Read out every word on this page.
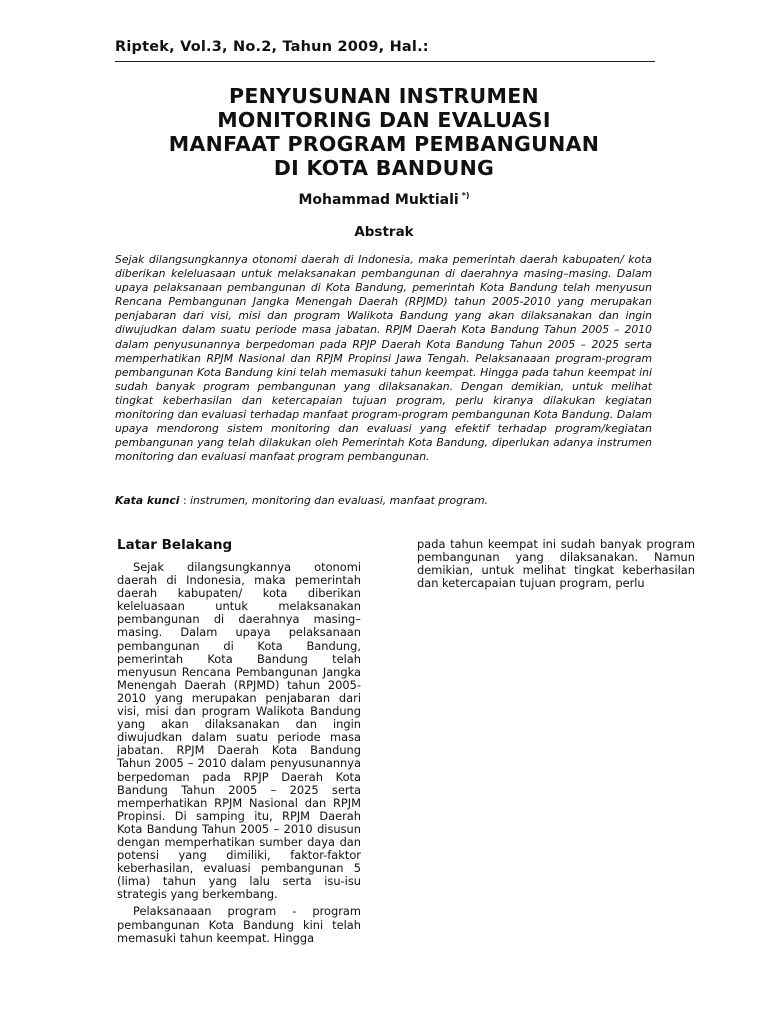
Riptek, Vol.3, No.2, Tahun 2009, Hal.:
PENYUSUNAN INSTRUMEN
MONITORING DAN EVALUASI
MANFAAT PROGRAM PEMBANGUNAN
DI KOTA BANDUNG
Mohammad Muktiali *)
Abstrak
Sejak dilangsungkannya otonomi daerah di Indonesia, maka pemerintah daerah kabupaten/ kota diberikan keleluasaan untuk melaksanakan pembangunan di daerahnya masing–masing. Dalam upaya pelaksanaan pembangunan di Kota Bandung, pemerintah Kota Bandung telah menyusun Rencana Pembangunan Jangka Menengah Daerah (RPJMD) tahun 2005-2010 yang merupakan penjabaran dari visi, misi dan program Walikota Bandung yang akan dilaksanakan dan ingin diwujudkan dalam suatu periode masa jabatan. RPJM Daerah Kota Bandung Tahun 2005 – 2010 dalam penyusunannya berpedoman pada RPJP Daerah Kota Bandung Tahun 2005 – 2025 serta memperhatikan RPJM Nasional dan RPJM Propinsi Jawa Tengah. Pelaksanaaan program-program pembangunan Kota Bandung kini telah memasuki tahun keempat. Hingga pada tahun keempat ini sudah banyak program pembangunan yang dilaksanakan. Dengan demikian, untuk melihat tingkat keberhasilan dan ketercapaian tujuan program, perlu kiranya dilakukan kegiatan monitoring dan evaluasi terhadap manfaat program-program pembangunan Kota Bandung. Dalam upaya mendorong sistem monitoring dan evaluasi yang efektif terhadap program/kegiatan pembangunan yang telah dilakukan oleh Pemerintah Kota Bandung, diperlukan adanya instrumen monitoring dan evaluasi manfaat program pembangunan.
Kata kunci : instrumen, monitoring dan evaluasi, manfaat program.
Latar Belakang

Sejak dilangsungkannya otonomi daerah di Indonesia, maka pemerintah daerah kabupaten/ kota diberikan keleluasaan untuk melaksanakan pembangunan di daerahnya masing–masing. Dalam upaya pelaksanaan pembangunan di Kota Bandung, pemerintah Kota Bandung telah menyusun Rencana Pembangunan Jangka Menengah Daerah (RPJMD) tahun 2005-2010 yang merupakan penjabaran dari visi, misi dan program Walikota Bandung yang akan dilaksanakan dan ingin diwujudkan dalam suatu periode masa jabatan. RPJM Daerah Kota Bandung Tahun 2005 – 2010 dalam penyusunannya berpedoman pada RPJP Daerah Kota Bandung Tahun 2005 – 2025 serta memperhatikan RPJM Nasional dan RPJM Propinsi. Di samping itu, RPJM Daerah Kota Bandung Tahun 2005 – 2010 disusun dengan memperhatikan sumber daya dan potensi yang dimiliki, faktor-faktor keberhasilan, evaluasi pembangunan 5 (lima) tahun yang lalu serta isu-isu strategis yang berkembang.

Pelaksanaaan program - program pembangunan Kota Bandung kini telah memasuki tahun keempat. Hingga

pada tahun keempat ini sudah banyak program pembangunan yang dilaksanakan. Namun demikian, untuk melihat tingkat keberhasilan dan ketercapaian tujuan program, perlu
